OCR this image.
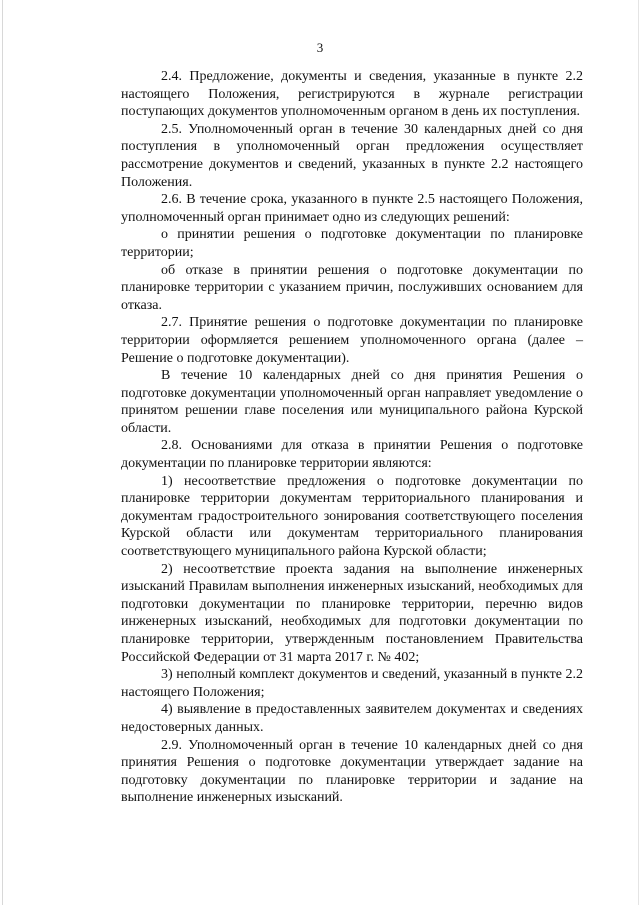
3

2.4. Предложение, документы и сведения, указанные в пункте 2.2 настоящего Положения, регистрируются в журнале регистрации поступающих документов уполномоченным органом в день их поступления.

2.5. Уполномоченный орган в течение 30 календарных дней со дня поступления в уполномоченный орган предложения осуществляет рассмотрение документов и сведений, указанных в пункте 2.2 настоящего Положения.

2.6. В течение срока, указанного в пункте 2.5 настоящего Положения, уполномоченный орган принимает одно из следующих решений:

о принятии решения о подготовке документации по планировке территории;

об отказе в принятии решения о подготовке документации по планировке территории с указанием причин, послуживших основанием для отказа.

2.7. Принятие решения о подготовке документации по планировке территории оформляется решением уполномоченного органа (далее – Решение о подготовке документации).

В течение 10 календарных дней со дня принятия Решения о подготовке документации уполномоченный орган направляет уведомление о принятом решении главе поселения или муниципального района Курской области.

2.8. Основаниями для отказа в принятии Решения о подготовке документации по планировке территории являются:

1) несоответствие предложения о подготовке документации по планировке территории документам территориального планирования и документам градостроительного зонирования соответствующего поселения Курской области или документам территориального планирования соответствующего муниципального района Курской области;

2) несоответствие проекта задания на выполнение инженерных изысканий Правилам выполнения инженерных изысканий, необходимых для подготовки документации по планировке территории, перечню видов инженерных изысканий, необходимых для подготовки документации по планировке территории, утвержденным постановлением Правительства Российской Федерации от 31 марта 2017 г. № 402;

3) неполный комплект документов и сведений, указанный в пункте 2.2 настоящего Положения;

4) выявление в предоставленных заявителем документах и сведениях недостоверных данных.

2.9. Уполномоченный орган в течение 10 календарных дней со дня принятия Решения о подготовке документации утверждает задание на подготовку документации по планировке территории и задание на выполнение инженерных изысканий.
